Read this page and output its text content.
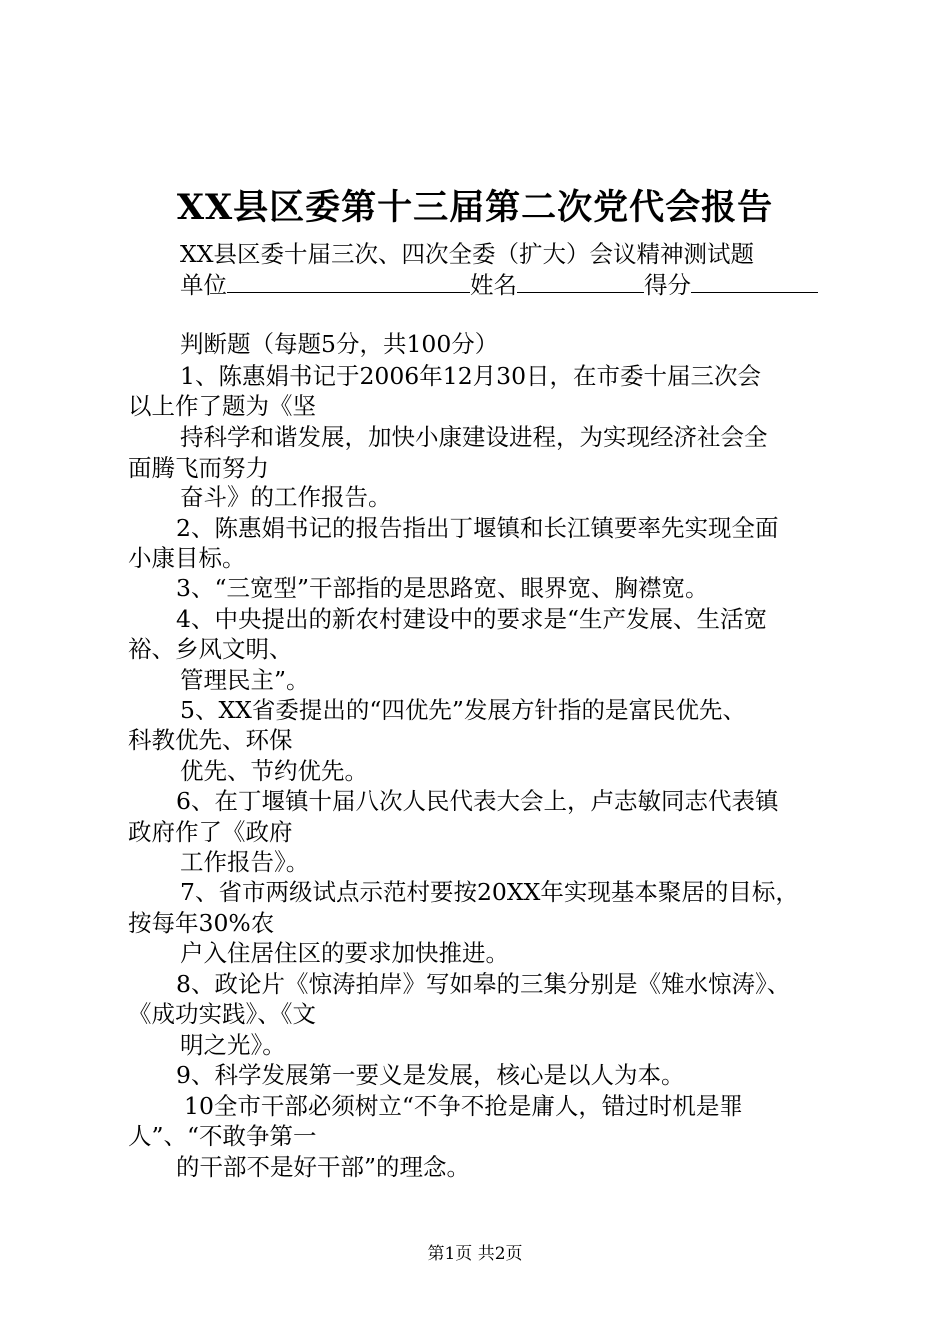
XX县区委第十三届第二次党代会报告
XX县区委十届三次、四次全委（扩大）会议精神测试题
单位	姓名	得分
判断题（每题5分，共100分）
1、陈惠娟书记于2006年12月30日，在市委十届三次会
以上作了题为《坚
持科学和谐发展，加快小康建设进程，为实现经济社会全
面腾飞而努力
奋斗》的工作报告。
2、陈惠娟书记的报告指出丁堰镇和长江镇要率先实现全面
小康目标。
3、“三宽型”干部指的是思路宽、眼界宽、胸襟宽。
4、中央提出的新农村建设中的要求是“生产发展、生活宽
裕、乡风文明、
管理民主”。
5、XX省委提出的“四优先”发展方针指的是富民优先、
科教优先、环保
优先、节约优先。
6、在丁堰镇十届八次人民代表大会上，卢志敏同志代表镇
政府作了《政府
工作报告》。
7、省市两级试点示范村要按20XX年实现基本聚居的目标，
按每年30%农
户入住居住区的要求加快推进。
8、政论片《惊涛拍岸》写如皋的三集分别是《雉水惊涛》、
《成功实践》、《文
明之光》。
9、科学发展第一要义是发展，核心是以人为本。
10全市干部必须树立“不争不抢是庸人，错过时机是罪
人”、“不敢争第一
的干部不是好干部”的理念。
第1页 共2页
